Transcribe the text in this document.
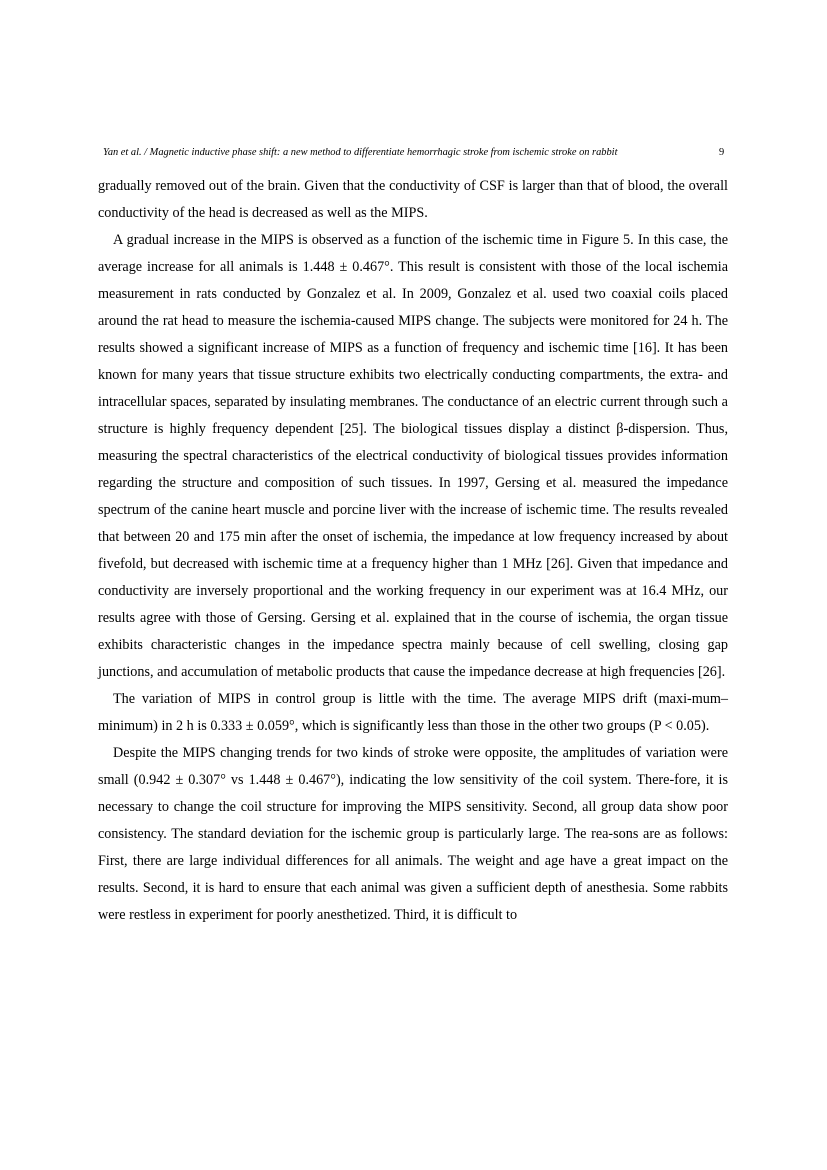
Yan et al. / Magnetic inductive phase shift: a new method to differentiate hemorrhagic stroke from ischemic stroke on rabbit	9

gradually removed out of the brain. Given that the conductivity of CSF is larger than that of blood, the overall conductivity of the head is decreased as well as the MIPS.

A gradual increase in the MIPS is observed as a function of the ischemic time in Figure 5. In this case, the average increase for all animals is 1.448 ± 0.467°. This result is consistent with those of the local ischemia measurement in rats conducted by Gonzalez et al. In 2009, Gonzalez et al. used two coaxial coils placed around the rat head to measure the ischemia-caused MIPS change. The subjects were monitored for 24 h. The results showed a significant increase of MIPS as a function of frequency and ischemic time [16]. It has been known for many years that tissue structure exhibits two electrically conducting compartments, the extra- and intracellular spaces, separated by insulating membranes. The conductance of an electric current through such a structure is highly frequency dependent [25]. The biological tissues display a distinct β-dispersion. Thus, measuring the spectral characteristics of the electrical conductivity of biological tissues provides information regarding the structure and composition of such tissues. In 1997, Gersing et al. measured the impedance spectrum of the canine heart muscle and porcine liver with the increase of ischemic time. The results revealed that between 20 and 175 min after the onset of ischemia, the impedance at low frequency increased by about fivefold, but decreased with ischemic time at a frequency higher than 1 MHz [26]. Given that impedance and conductivity are inversely proportional and the working frequency in our experiment was at 16.4 MHz, our results agree with those of Gersing. Gersing et al. explained that in the course of ischemia, the organ tissue exhibits characteristic changes in the impedance spectra mainly because of cell swelling, closing gap junctions, and accumulation of metabolic products that cause the impedance decrease at high frequencies [26].

The variation of MIPS in control group is little with the time. The average MIPS drift (maxi-mum–minimum) in 2 h is 0.333 ± 0.059°, which is significantly less than those in the other two groups (P < 0.05).

Despite the MIPS changing trends for two kinds of stroke were opposite, the amplitudes of variation were small (0.942 ± 0.307° vs 1.448 ± 0.467°), indicating the low sensitivity of the coil system. There-fore, it is necessary to change the coil structure for improving the MIPS sensitivity. Second, all group data show poor consistency. The standard deviation for the ischemic group is particularly large. The rea-sons are as follows: First, there are large individual differences for all animals. The weight and age have a great impact on the results. Second, it is hard to ensure that each animal was given a sufficient depth of anesthesia. Some rabbits were restless in experiment for poorly anesthetized. Third, it is difficult to
